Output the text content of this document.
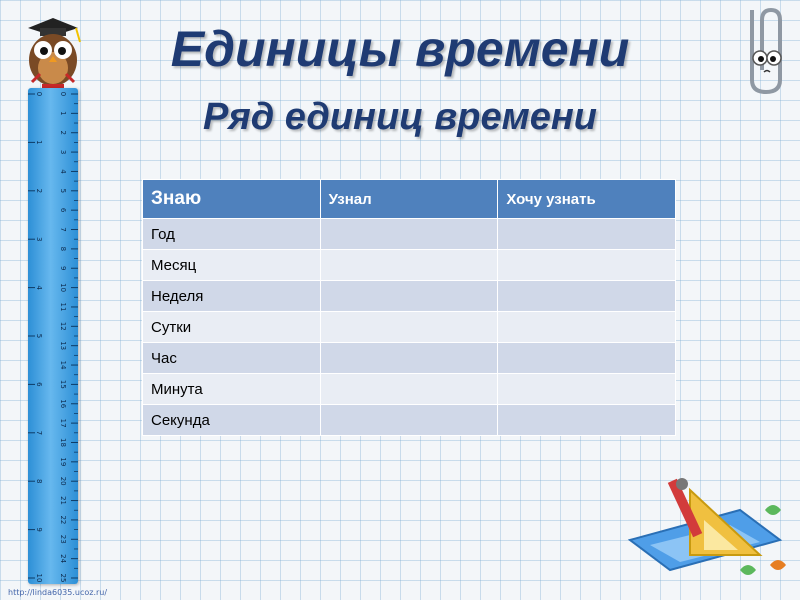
Единицы времени
Ряд единиц времени
0
1
2
3
4
5
6
7
8
9
10
11
12
13
14
15
16
17
18
19
20
21
22
23
24
25
0
1
2
3
4
5
6
7
8
9
10
Знаю	Узнал	Хочу узнать
Год		
Месяц		
Неделя		
Сутки		
Час		
Минута		
Секунда		
http://linda6035.ucoz.ru/
